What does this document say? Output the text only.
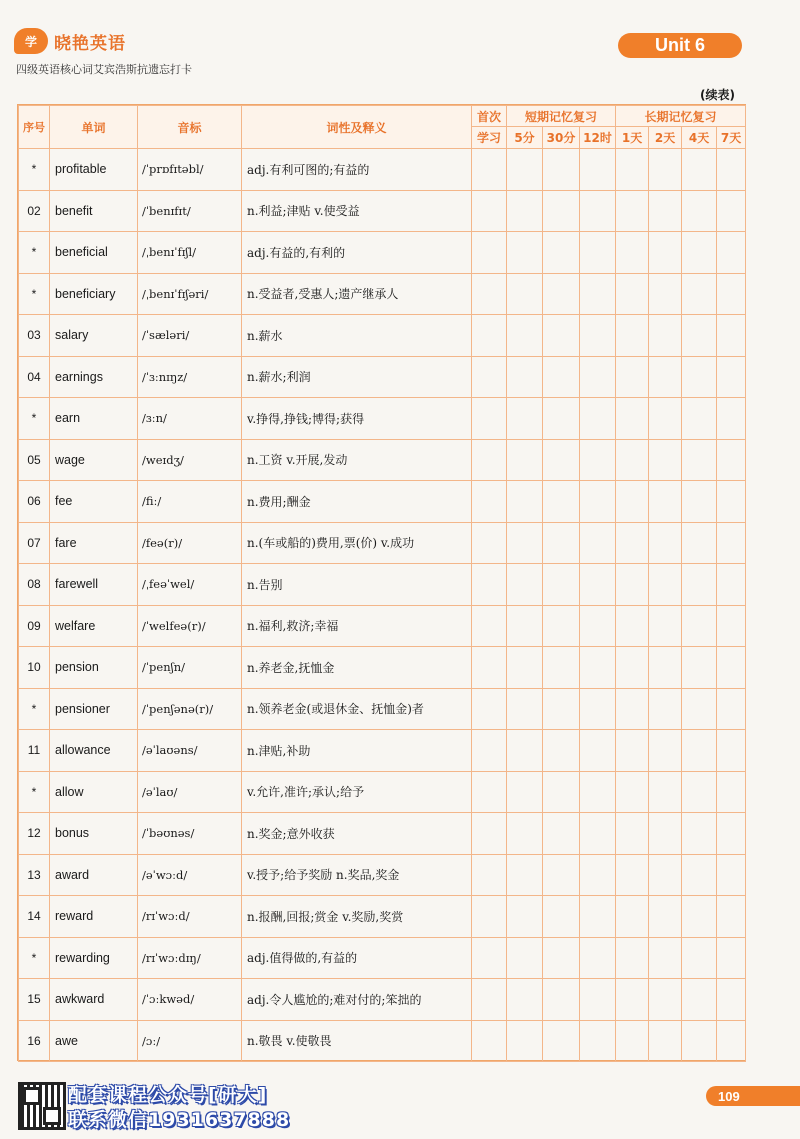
学	晓艳英语
四级英语核心词艾宾浩斯抗遗忘打卡
Unit 6
(续表)
序号	单词	音标	词性及释义	首次	短期记忆复习			长期记忆复习			
				学习	5分	30分	12时	1天	2天	4天	7天
*	profitable	/ˈprɒfɪtəbl/	adj.有利可图的;有益的								
02	benefit	/ˈbenɪfɪt/	n.利益;津贴 v.使受益								
*	beneficial	/ˌbenɪˈfɪʃl/	adj.有益的,有利的								
*	beneficiary	/ˌbenɪˈfɪʃəri/	n.受益者,受惠人;遗产继承人								
03	salary	/ˈsæləri/	n.薪水								
04	earnings	/ˈɜːnɪŋz/	n.薪水;利润								
*	earn	/ɜːn/	v.挣得,挣钱;博得;获得								
05	wage	/weɪdʒ/	n.工资 v.开展,发动								
06	fee	/fiː/	n.费用;酬金								
07	fare	/feə(r)/	n.(车或船的)费用,票(价) v.成功								
08	farewell	/ˌfeəˈwel/	n.告别								
09	welfare	/ˈwelfeə(r)/	n.福利,救济;幸福								
10	pension	/ˈpenʃn/	n.养老金,抚恤金								
*	pensioner	/ˈpenʃənə(r)/	n.领养老金(或退休金、抚恤金)者								
11	allowance	/əˈlaʊəns/	n.津贴,补助								
*	allow	/əˈlaʊ/	v.允许,准许;承认;给予								
12	bonus	/ˈbəʊnəs/	n.奖金;意外收获								
13	award	/əˈwɔːd/	v.授予;给予奖励 n.奖品,奖金								
14	reward	/rɪˈwɔːd/	n.报酬,回报;赏金 v.奖励,奖赏								
*	rewarding	/rɪˈwɔːdɪŋ/	adj.值得做的,有益的								
15	awkward	/ˈɔːkwəd/	adj.令人尴尬的;难对付的;笨拙的								
16	awe	/ɔː/	n.敬畏 v.使敬畏								
配套课程公众号[研大]
联系微信1931637888
109
